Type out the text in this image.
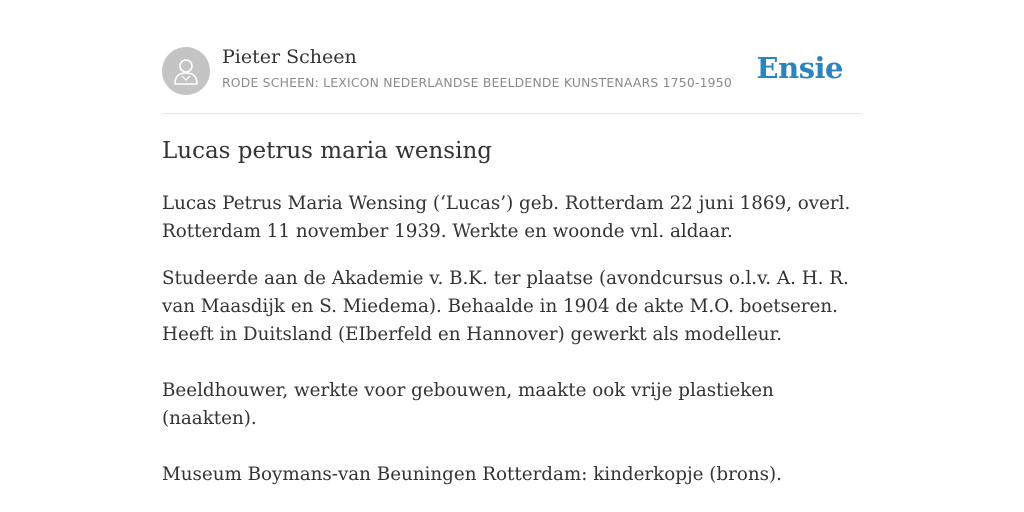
Pieter Scheen
RODE SCHEEN: LEXICON NEDERLANDSE BEELDENDE KUNSTENAARS 1750-1950 Ensie
Lucas petrus maria wensing

Lucas Petrus Maria Wensing (‘Lucas’) geb. Rotterdam 22 juni 1869, overl. Rotterdam 11 november 1939. Werkte en woonde vnl. aldaar.

Studeerde aan de Akademie v. B.K. ter plaatse (avondcursus o.l.v. A. H. R. van Maasdijk en S. Miedema). Behaalde in 1904 de akte M.O. boetseren. Heeft in Duitsland (EIberfeld en Hannover) gewerkt als modelleur.

Beeldhouwer, werkte voor gebouwen, maakte ook vrije plastieken (naakten).

Museum Boymans-van Beuningen Rotterdam: kinderkopje (brons).
